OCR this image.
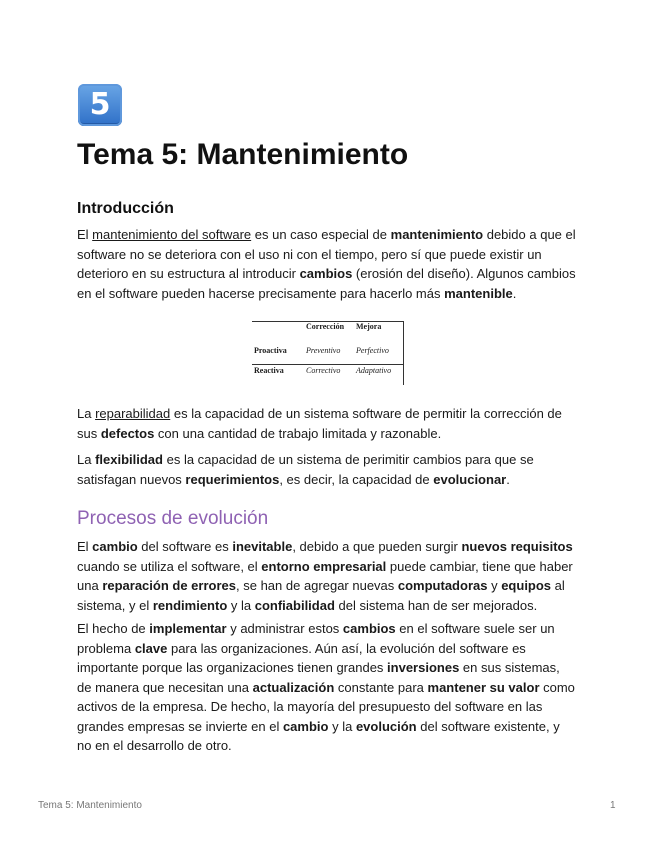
5
Tema 5: Mantenimiento
Introducción

El mantenimiento del software es un caso especial de mantenimiento debido a que el software no se deteriora con el uso ni con el tiempo, pero sí que puede existir un deterioro en su estructura al introducir cambios (erosión del diseño). Algunos cambios en el software pueden hacerse precisamente para hacerlo más mantenible.

Corrección Mejora
Proactiva Preventivo Perfectivo
Reactiva	Correctivo Adaptativo

La reparabilidad es la capacidad de un sistema software de permitir la corrección de sus defectos con una cantidad de trabajo limitada y razonable.

La flexibilidad es la capacidad de un sistema de perimitir cambios para que se satisfagan nuevos requerimientos, es decir, la capacidad de evolucionar.

Procesos de evolución

El cambio del software es inevitable, debido a que pueden surgir nuevos requisitos cuando se utiliza el software, el entorno empresarial puede cambiar, tiene que haber una reparación de errores, se han de agregar nuevas computadoras y equipos al sistema, y el rendimiento y la confiabilidad del sistema han de ser mejorados.

El hecho de implementar y administrar estos cambios en el software suele ser un problema clave para las organizaciones. Aún así, la evolución del software es importante porque las organizaciones tienen grandes inversiones en sus sistemas, de manera que necesitan una actualización constante para mantener su valor como activos de la empresa. De hecho, la mayoría del presupuesto del software en las grandes empresas se invierte en el cambio y la evolución del software existente, y no en el desarrollo de otro.

Tema 5: Mantenimiento	1
